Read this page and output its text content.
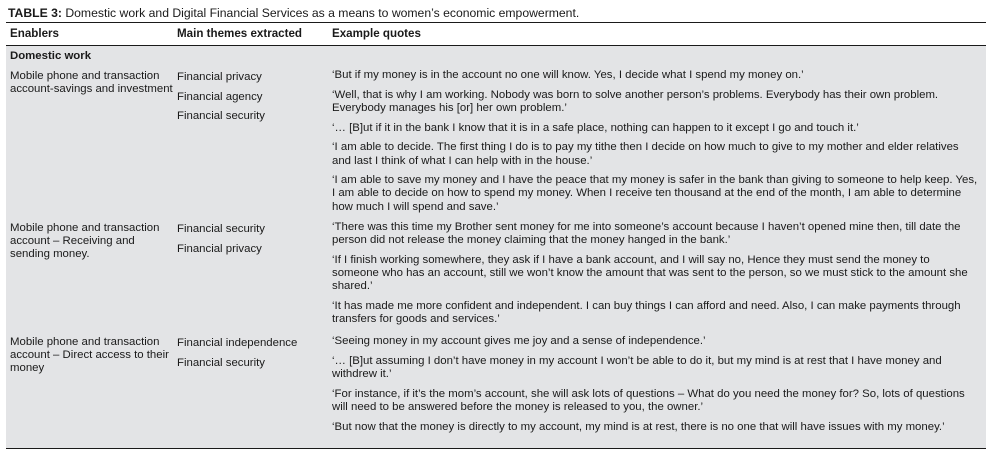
TABLE 3: Domestic work and Digital Financial Services as a means to women’s economic empowerment.
Enablers	Main themes extracted	Example quotes
Domestic work
Mobile phone and transaction account-savings and investment
Financial privacy
Financial agency
Financial security
‘But if my money is in the account no one will know. Yes, I decide what I spend my money on.’
‘Well, that is why I am working. Nobody was born to solve another person’s problems. Everybody has their own problem. Everybody manages his [or] her own problem.’
‘… [B]ut if it in the bank I know that it is in a safe place, nothing can happen to it except I go and touch it.’
‘I am able to decide. The first thing I do is to pay my tithe then I decide on how much to give to my mother and elder relatives and last I think of what I can help with in the house.’
‘I am able to save my money and I have the peace that my money is safer in the bank than giving to someone to help keep. Yes, I am able to decide on how to spend my money. When I receive ten thousand at the end of the month, I am able to determine how much I will spend and save.’
Mobile phone and transaction account – Receiving and sending money.
Financial security
Financial privacy
‘There was this time my Brother sent money for me into someone’s account because I haven’t opened mine then, till date the person did not release the money claiming that the money hanged in the bank.’
‘If I finish working somewhere, they ask if I have a bank account, and I will say no, Hence they must send the money to someone who has an account, still we won’t know the amount that was sent to the person, so we must stick to the amount she shared.’
‘It has made me more confident and independent. I can buy things I can afford and need. Also, I can make payments through transfers for goods and services.’
Mobile phone and transaction account – Direct access to their money
Financial independence
Financial security
‘Seeing money in my account gives me joy and a sense of independence.’
‘… [B]ut assuming I don’t have money in my account I won’t be able to do it, but my mind is at rest that I have money and withdrew it.’
‘For instance, if it’s the mom’s account, she will ask lots of questions – What do you need the money for? So, lots of questions will need to be answered before the money is released to you, the owner.’
‘But now that the money is directly to my account, my mind is at rest, there is no one that will have issues with my money.’
